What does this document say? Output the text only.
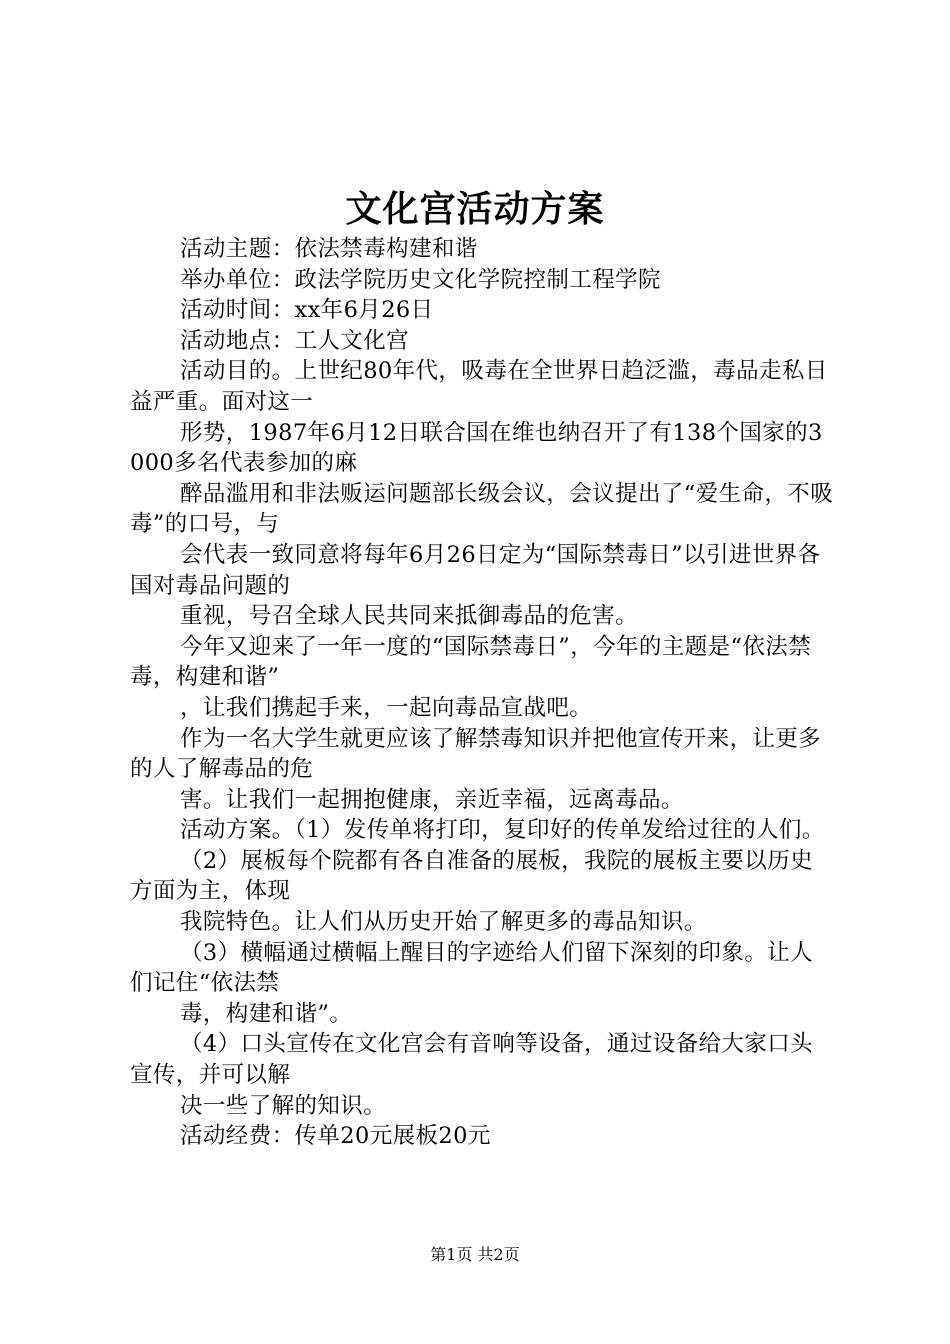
文化宫活动方案

活动主题：依法禁毒构建和谐

举办单位：政法学院历史文化学院控制工程学院

活动时间：xx年6月26日

活动地点：工人文化宫

活动目的。上世纪80年代，吸毒在全世界日趋泛滥，毒品走私日益严重。面对这一

形势，1987年6月12日联合国在维也纳召开了有138个国家的3000多名代表参加的麻

醉品滥用和非法贩运问题部长级会议，会议提出了“爱生命，不吸毒”的口号，与

会代表一致同意将每年6月26日定为“国际禁毒日”以引进世界各国对毒品问题的

重视，号召全球人民共同来抵御毒品的危害。

今年又迎来了一年一度的“国际禁毒日”，今年的主题是“依法禁毒，构建和谐”

，让我们携起手来，一起向毒品宣战吧。

作为一名大学生就更应该了解禁毒知识并把他宣传开来，让更多的人了解毒品的危

害。让我们一起拥抱健康，亲近幸福，远离毒品。

活动方案。（1）发传单将打印，复印好的传单发给过往的人们。

（2）展板每个院都有各自准备的展板，我院的展板主要以历史方面为主，体现

我院特色。让人们从历史开始了解更多的毒品知识。

（3）横幅通过横幅上醒目的字迹给人们留下深刻的印象。让人们记住“依法禁

毒，构建和谐”。

（4）口头宣传在文化宫会有音响等设备，通过设备给大家口头宣传，并可以解

决一些了解的知识。

活动经费：传单20元展板20元

第1页 共2页
